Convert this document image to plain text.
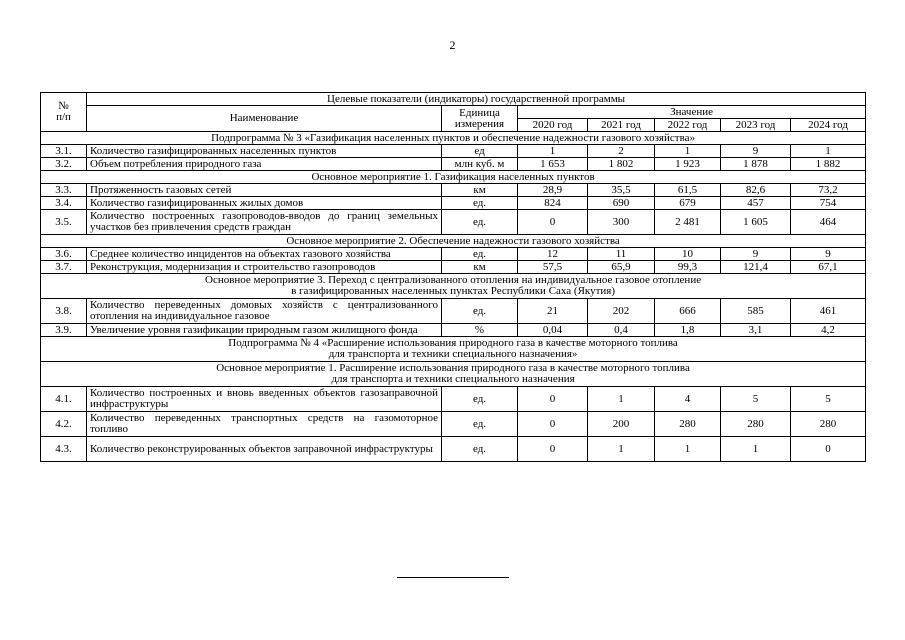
2
№
п/п	Целевые показатели (индикаторы) государственной программы						
	Наименование	Единица
измерения	Значение				
			2020 год	2021 год	2022 год	2023 год	2024 год
Подпрограмма № 3 «Газификация населенных пунктов и обеспечение надежности газового хозяйства»							
3.1.	Количество газифицированных населенных пунктов	ед	1	2	1	9	1
3.2.	Объем потребления природного газа	млн куб. м	1 653	1 802	1 923	1 878	1 882
Основное мероприятие 1. Газификация населенных пунктов							
3.3.	Протяженность газовых сетей	км	28,9	35,5	61,5	82,6	73,2
3.4.	Количество газифицированных жилых домов	ед.	824	690	679	457	754
3.5.	Количество построенных газопроводов-вводов до границ земельных участков без привлечения средств граждан	ед.	0	300	2 481	1 605	464
Основное мероприятие 2. Обеспечение надежности газового хозяйства							
3.6.	Среднее количество инцидентов на объектах газового хозяйства	ед.	12	11	10	9	9
3.7.	Реконструкция, модернизация и строительство газопроводов	км	57,5	65,9	99,3	121,4	67,1
Основное мероприятие 3. Переход с централизованного отопления на индивидуальное газовое отопление
в газифицированных населенных пунктах Республики Саха (Якутия)							
3.8.	Количество переведенных домовых хозяйств с централизованного отопления на индивидуальное газовое	ед.	21	202	666	585	461
3.9.	Увеличение уровня газификации природным газом жилищного фонда	%	0,04	0,4	1,8	3,1	4,2
Подпрограмма № 4 «Расширение использования природного газа в качестве моторного топлива
для транспорта и техники специального назначения»							
Основное мероприятие 1. Расширение использования природного газа в качестве моторного топлива
для транспорта и техники специального назначения							
4.1.	Количество построенных и вновь введенных объектов газозаправочной инфраструктуры	ед.	0	1	4	5	5
4.2.	Количество переведенных транспортных средств на газомоторное топливо	ед.	0	200	280	280	280
4.3.	Количество реконструированных объектов заправочной инфраструктуры	ед.	0	1	1	1	0
